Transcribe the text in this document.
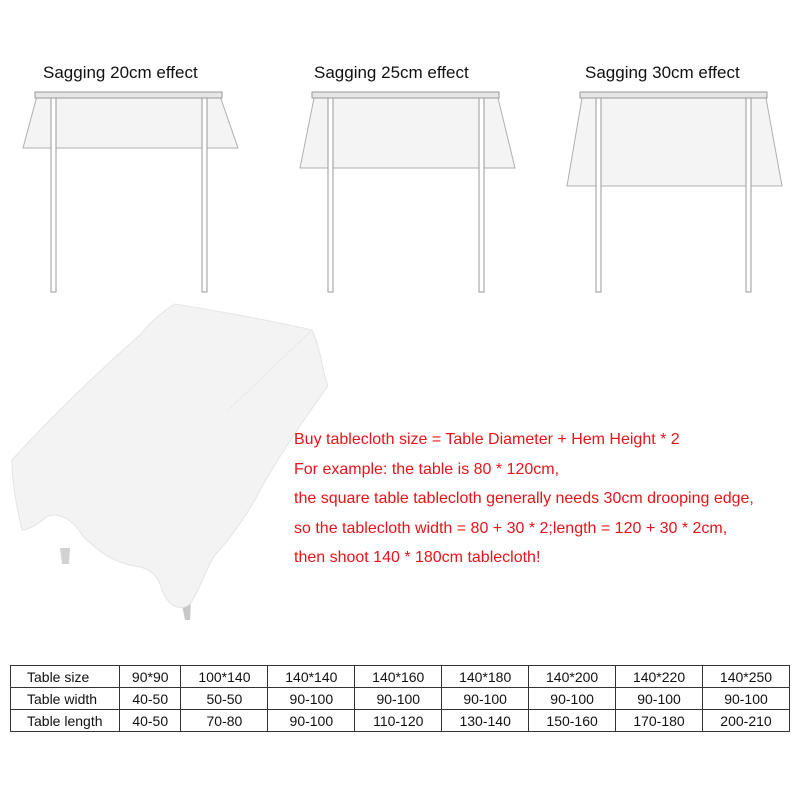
Sagging 20cm effect	Sagging 25cm effect	Sagging 30cm effect
Buy tablecloth size = Table Diameter + Hem Height * 2
For example: the table is 80 * 120cm,
the square table tablecloth generally needs 30cm drooping edge,
so the tablecloth width = 80 + 30 * 2;length = 120 + 30 * 2cm,
then shoot 140 * 180cm tablecloth!
Table size	90*90	100*140	140*140	140*160	140*180	140*200	140*220	140*250
Table width	40-50	50-50	90-100	90-100	90-100	90-100	90-100	90-100
Table length	40-50	70-80	90-100	110-120	130-140	150-160	170-180	200-210
